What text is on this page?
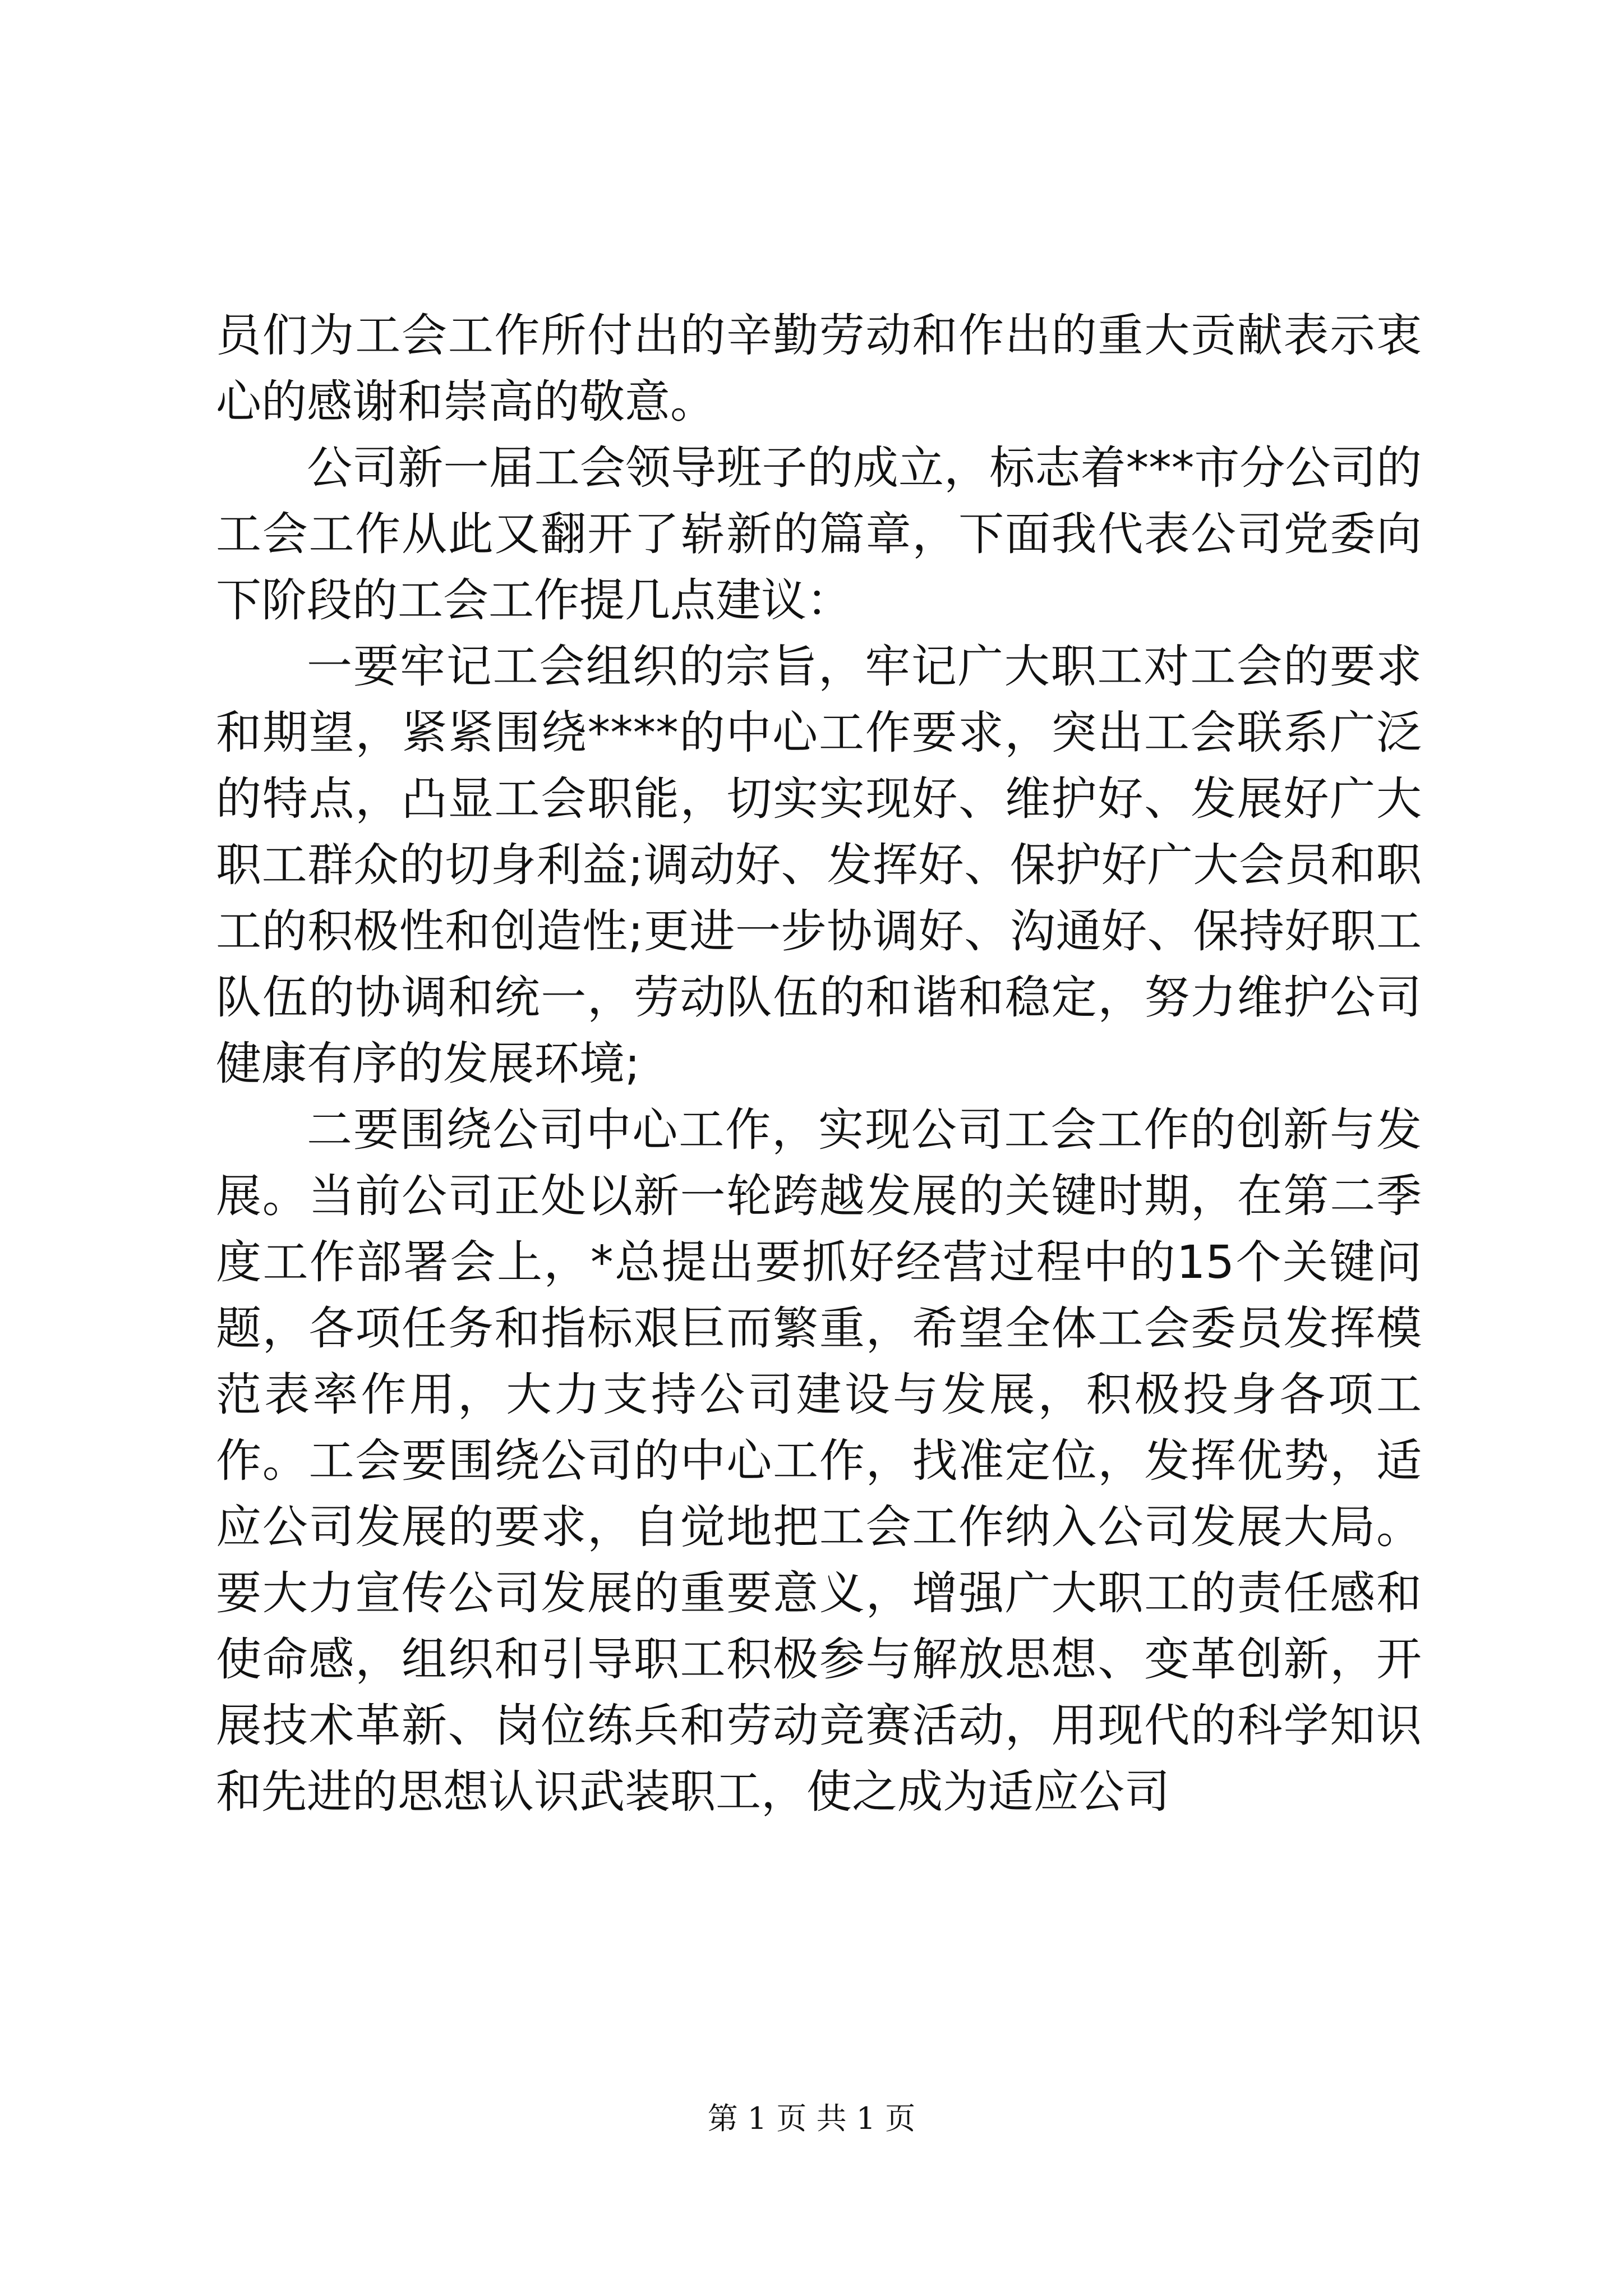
员们为工会工作所付出的辛勤劳动和作出的重大贡献表示衷心的感谢和崇高的敬意。

公司新一届工会领导班子的成立，标志着***市分公司的工会工作从此又翻开了崭新的篇章，下面我代表公司党委向下阶段的工会工作提几点建议：

一要牢记工会组织的宗旨，牢记广大职工对工会的要求和期望，紧紧围绕****的中心工作要求，突出工会联系广泛的特点，凸显工会职能，切实实现好、维护好、发展好广大职工群众的切身利益;调动好、发挥好、保护好广大会员和职工的积极性和创造性;更进一步协调好、沟通好、保持好职工队伍的协调和统一，劳动队伍的和谐和稳定，努力维护公司健康有序的发展环境;

二要围绕公司中心工作，实现公司工会工作的创新与发展。当前公司正处以新一轮跨越发展的关键时期，在第二季度工作部署会上，*总提出要抓好经营过程中的15个关键问题，各项任务和指标艰巨而繁重，希望全体工会委员发挥模范表率作用，大力支持公司建设与发展，积极投身各项工作。工会要围绕公司的中心工作，找准定位，发挥优势，适应公司发展的要求，自觉地把工会工作纳入公司发展大局。要大力宣传公司发展的重要意义，增强广大职工的责任感和使命感，组织和引导职工积极参与解放思想、变革创新，开展技术革新、岗位练兵和劳动竞赛活动，用现代的科学知识和先进的思想认识武装职工，使之成为适应公司

第 1 页 共 1 页
